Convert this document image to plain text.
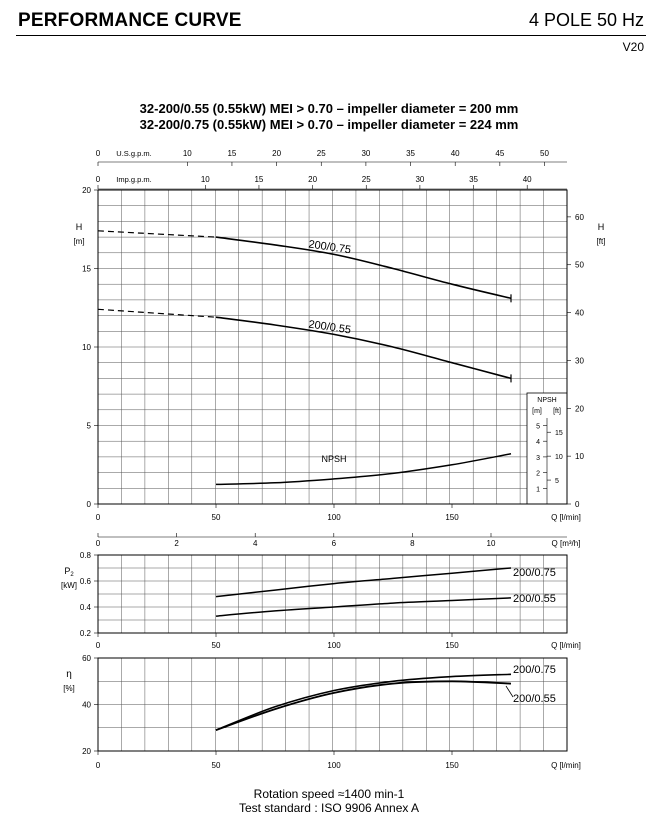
PERFORMANCE CURVE	4 POLE 50 Hz
V20
32-200/0.55 (0.55kW) MEI > 0.70 – impeller diameter = 200 mm
32-200/0.75 (0.55kW) MEI > 0.70 – impeller diameter = 224 mm
0	10	15	20	25	30	35	40	45	50
U.S.g.p.m.
0	10	15	20	25	30	35	40
Imp.g.p.m.
NPSH
[m] [ft]
1
2
3
4
5
5
10
15
0
5
10
15
20
H
[m]
0
10
20
30
40
50
60
H
[ft]
0	50	100	150	Q [l/min]
0	2	4	6	8	10	Q [m³/h]
200/0.75
200/0.55
NPSH
0.2
0.4
0.6
0.8
$P_2$
[kW]
0	50	100	150	Q [l/min]
200/0.75
200/0.55
20
40
60
η
[%]
0	50	100	150	Q [l/min]
200/0.75
200/0.55
Rotation speed ≈1400 min-1
Test standard : ISO 9906 Annex A
